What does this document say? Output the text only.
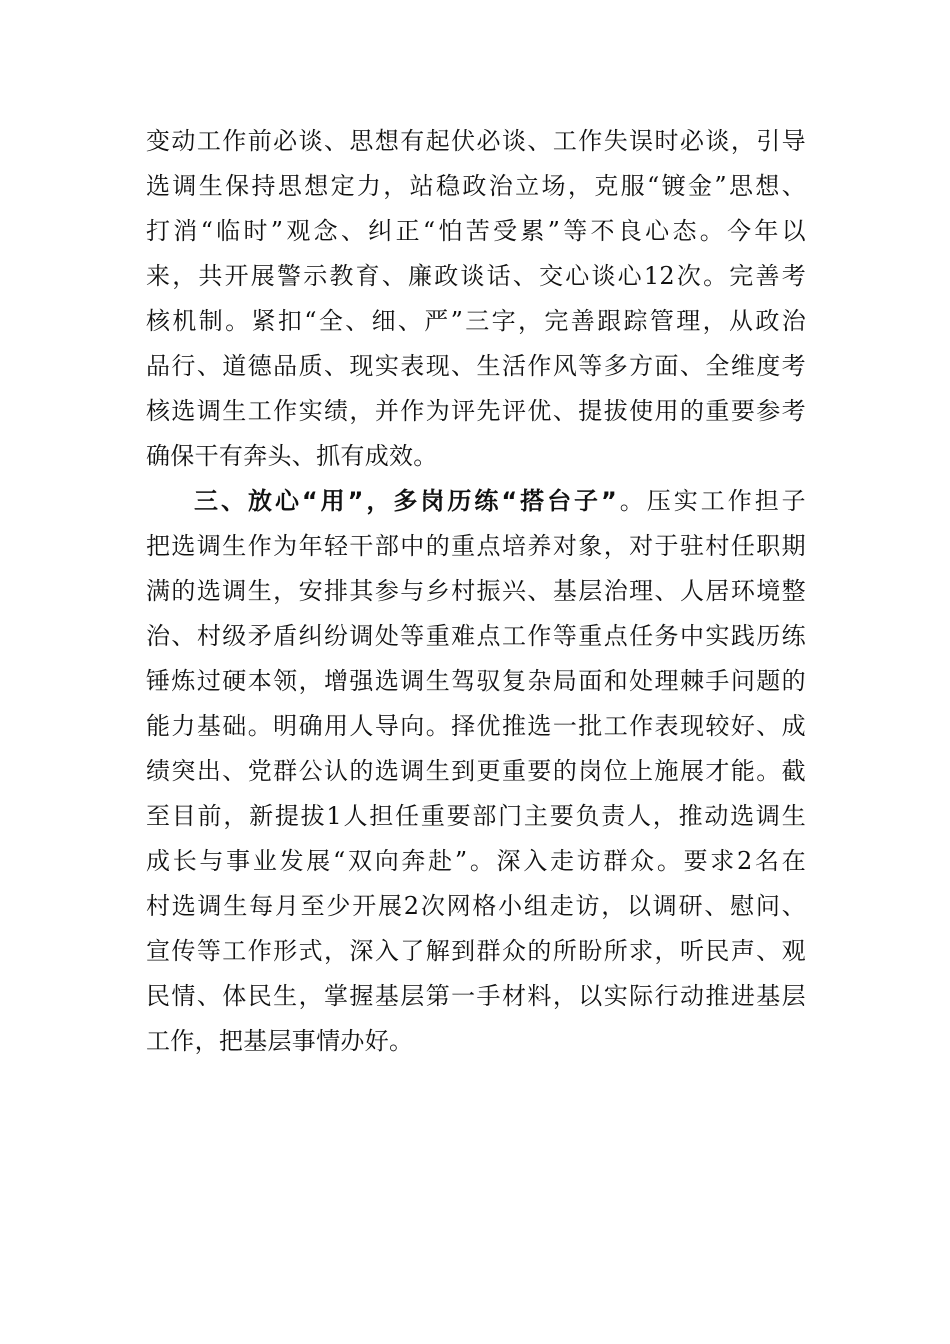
变动工作前必谈、思想有起伏必谈、工作失误时必谈，引导
选调生保持思想定力，站稳政治立场，克服“镀金”思想、
打消“临时”观念、纠正“怕苦受累”等不良心态。今年以
来，共开展警示教育、廉政谈话、交心谈心12次。完善考
核机制。紧扣“全、细、严”三字，完善跟踪管理，从政治
品行、道德品质、现实表现、生活作风等多方面、全维度考
核选调生工作实绩，并作为评先评优、提拔使用的重要参考
确保干有奔头、抓有成效。
三、放心“用”，多岗历练“搭台子”。压实工作担子
把选调生作为年轻干部中的重点培养对象，对于驻村任职期
满的选调生，安排其参与乡村振兴、基层治理、人居环境整
治、村级矛盾纠纷调处等重难点工作等重点任务中实践历练
锤炼过硬本领，增强选调生驾驭复杂局面和处理棘手问题的
能力基础。明确用人导向。择优推选一批工作表现较好、成
绩突出、党群公认的选调生到更重要的岗位上施展才能。截
至目前，新提拔1人担任重要部门主要负责人，推动选调生
成长与事业发展“双向奔赴”。深入走访群众。要求2名在
村选调生每月至少开展2次网格小组走访，以调研、慰问、
宣传等工作形式，深入了解到群众的所盼所求，听民声、观
民情、体民生，掌握基层第一手材料，以实际行动推进基层
工作，把基层事情办好。
